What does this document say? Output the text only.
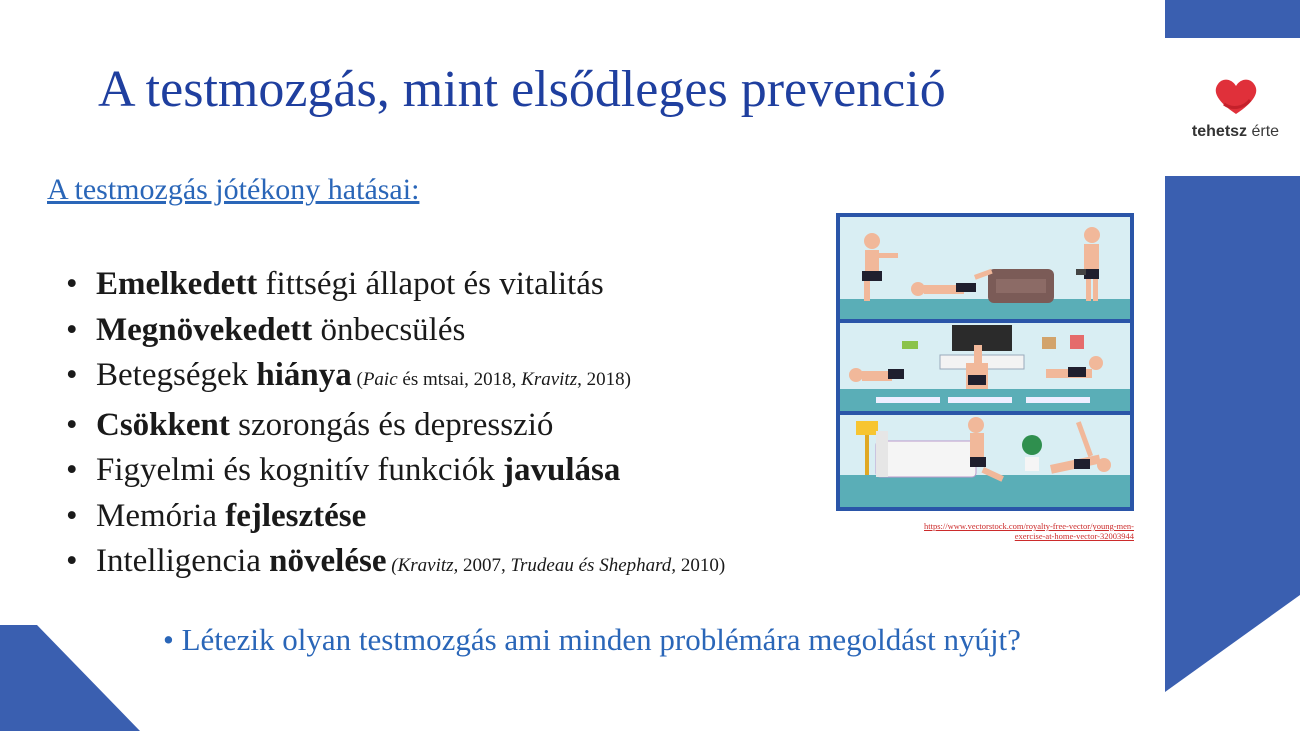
A testmozgás, mint elsődleges prevenció
A testmozgás jótékony hatásai:
• Emelkedett fittségi állapot és vitalitás
• Megnövekedett önbecsülés
• Betegségek hiánya (Paic és mtsai, 2018, Kravitz, 2018)
• Csökkent szorongás és depresszió
• Figyelmi és kognitív funkciók javulása
• Memória fejlesztése
• Intelligencia növelése (Kravitz, 2007, Trudeau és Shephard, 2010)
https://www.vectorstock.com/royalty-free-vector/young-men-
exercise-at-home-vector-32003944
tehetsz érte
• Létezik olyan testmozgás ami minden problémára megoldást nyújt?
